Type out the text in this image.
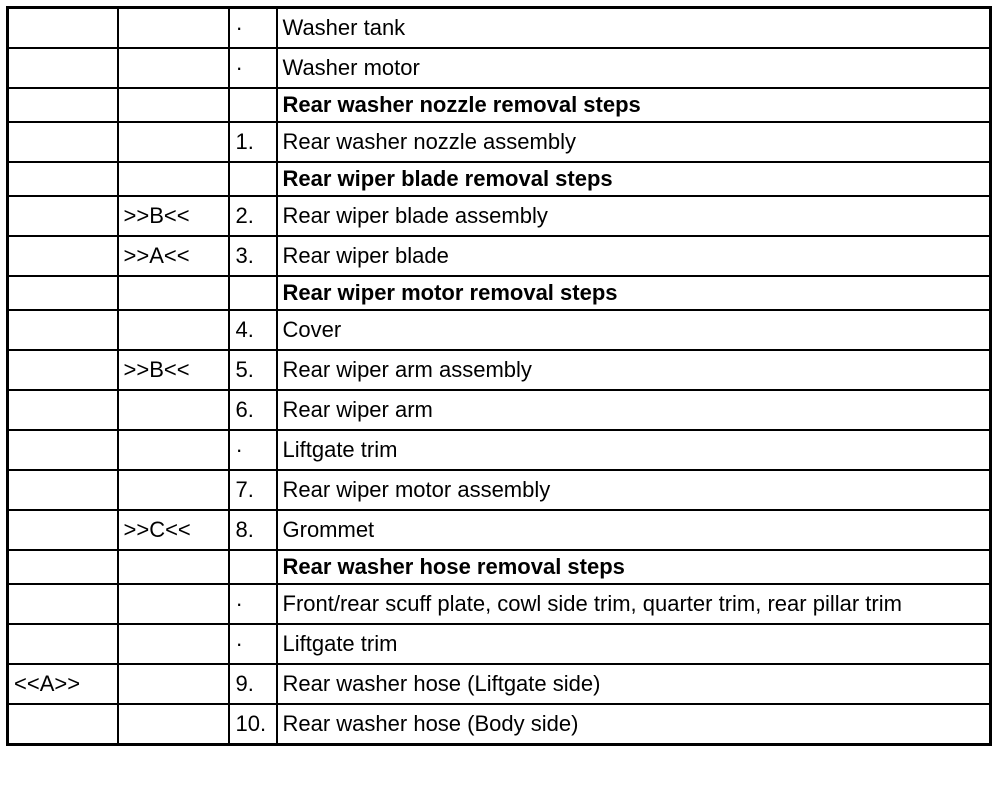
		·	Washer tank
		·	Washer motor
			Rear washer nozzle removal steps
		1.	Rear washer nozzle assembly
			Rear wiper blade removal steps
	>>B<<	2.	Rear wiper blade assembly
	>>A<<	3.	Rear wiper blade
			Rear wiper motor removal steps
		4.	Cover
	>>B<<	5.	Rear wiper arm assembly
		6.	Rear wiper arm
		·	Liftgate trim
		7.	Rear wiper motor assembly
	>>C<<	8.	Grommet
			Rear washer hose removal steps
		·	Front/rear scuff plate, cowl side trim, quarter trim, rear pillar trim
		·	Liftgate trim
<<A>>		9.	Rear washer hose (Liftgate side)
		10.	Rear washer hose (Body side)
